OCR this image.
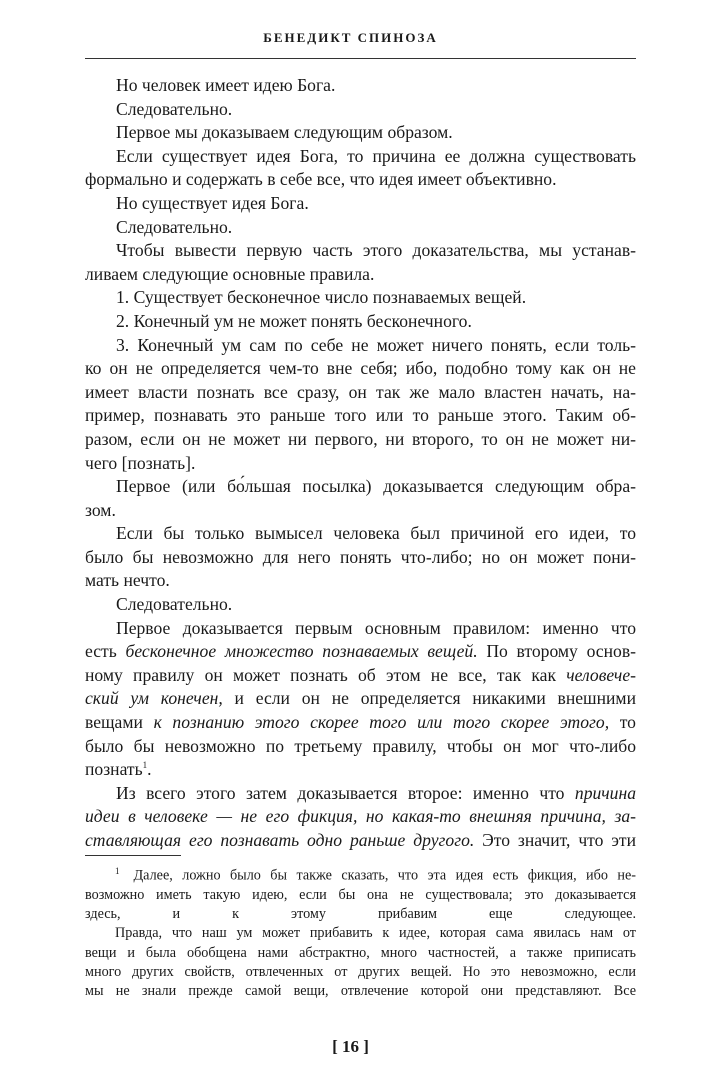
БЕНЕДИКТ СПИНОЗА
Но человек имеет идею Бога.
Следовательно.
Первое мы доказываем следующим образом.
Если существует идея Бога, то причина ее должна существовать
формально и содержать в себе все, что идея имеет объективно.
Но существует идея Бога.
Следовательно.
Чтобы вывести первую часть этого доказательства, мы устанав-
ливаем следующие основные правила.
1. Существует бесконечное число познаваемых вещей.
2. Конечный ум не может понять бесконечного.
3. Конечный ум сам по себе не может ничего понять, если толь-
ко он не определяется чем-то вне себя; ибо, подобно тому как он не
имеет власти познать все сразу, он так же мало властен начать, на-
пример, познавать это раньше того или то раньше этого. Таким об-
разом, если он не может ни первого, ни второго, то он не может ни-
чего [познать].
Первое (или бо́льшая посылка) доказывается следующим обра-
зом.
Если бы только вымысел человека был причиной его идеи, то
было бы невозможно для него понять что-либо; но он может пони-
мать нечто.
Следовательно.
Первое доказывается первым основным правилом: именно что
есть бесконечное множество познаваемых вещей. По второму основ-
ному правилу он может познать об этом не все, так как человече-
ский ум конечен, и если он не определяется никакими внешними
вещами к познанию этого скорее того или того скорее этого, то
было бы невозможно по третьему правилу, чтобы он мог что-либо
познать$^1$.
Из всего этого затем доказывается второе: именно что причина
идеи в человеке — не его фикция, но какая-то внешняя причина, за-
ставляющая его познавать одно раньше другого. Это значит, что эти
$^1$ Далее, ложно было бы также сказать, что эта идея есть фикция, ибо не-
возможно иметь такую идею, если бы она не существовала; это доказывается
здесь, и к этому прибавим еще следующее.
Правда, что наш ум может прибавить к идее, которая сама явилась нам от
вещи и была обобщена нами абстрактно, много частностей, а также приписать
много других свойств, отвлеченных от других вещей. Но это невозможно, если
мы не знали прежде самой вещи, отвлечение которой они представляют. Все
[ 16 ]
